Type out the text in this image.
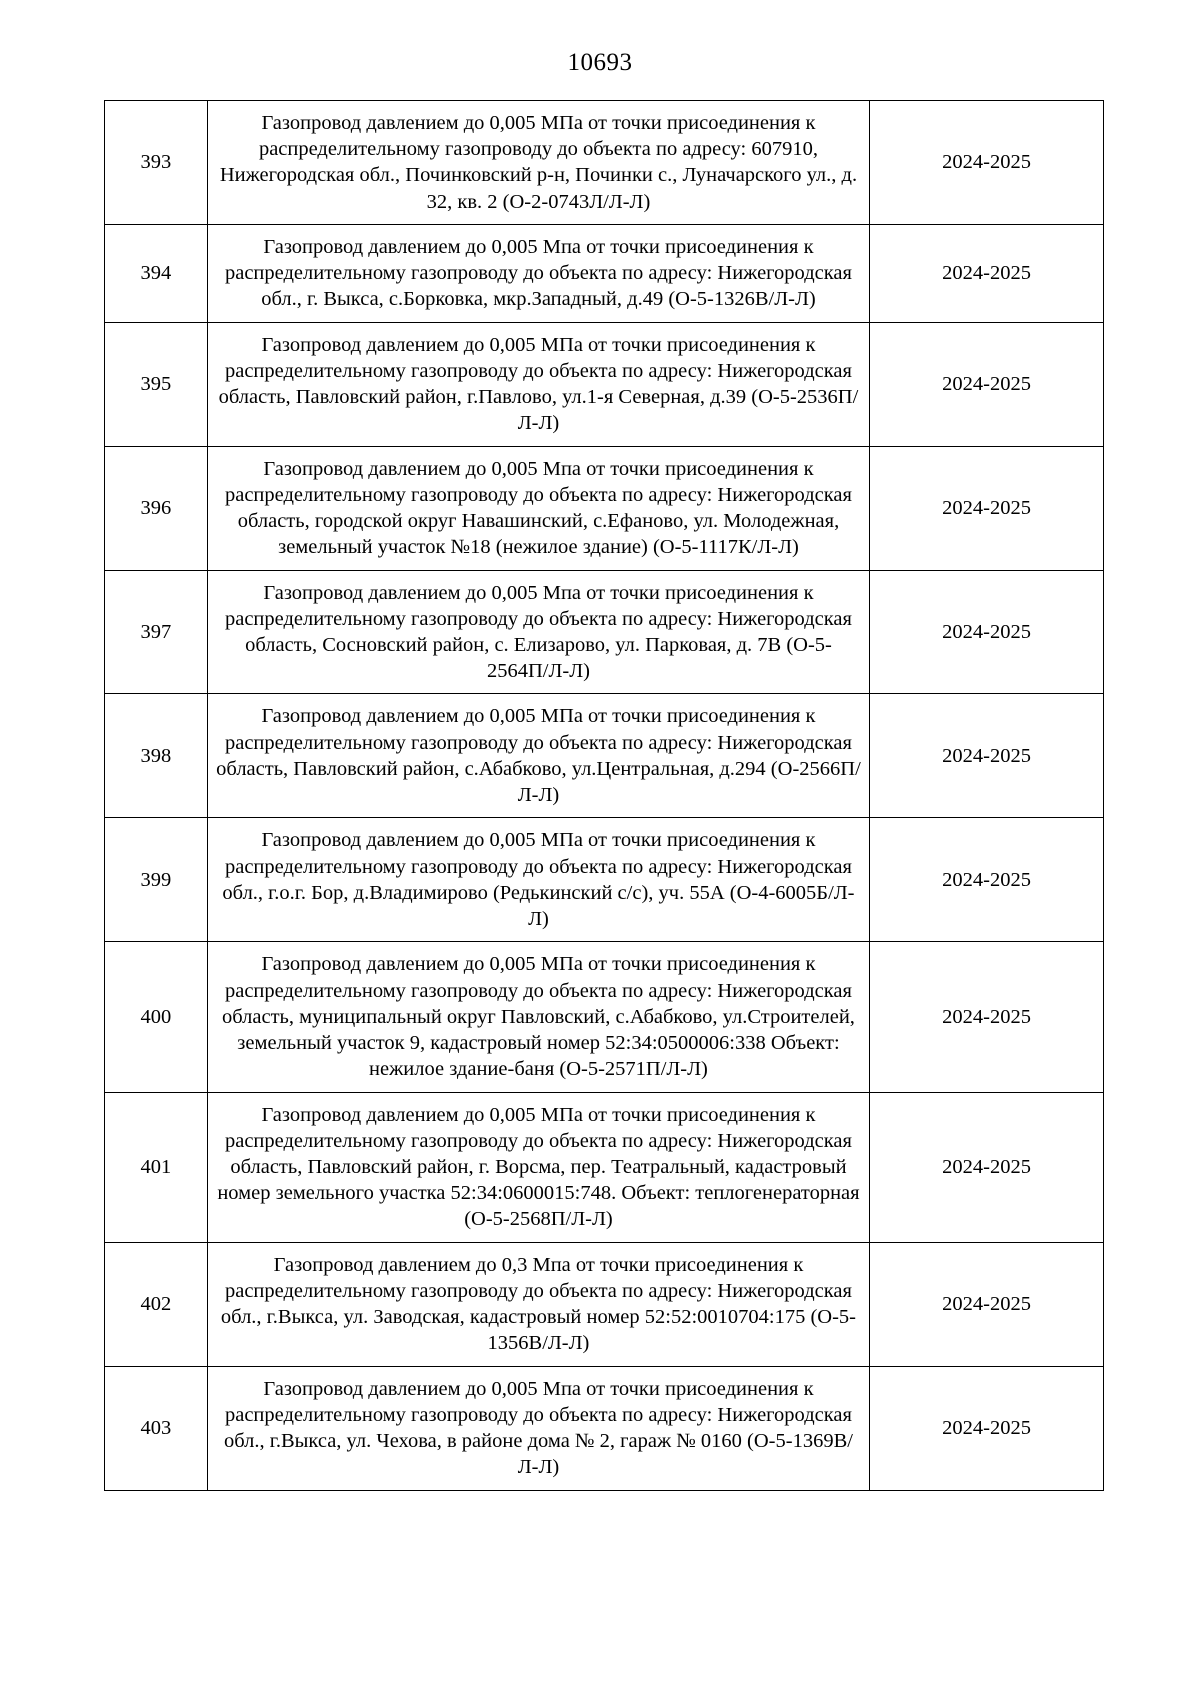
10693
393	Газопровод давлением до 0,005 МПа от точки присоединения к распределительному газопроводу до объекта по адресу: 607910, Нижегородская обл., Починковский р-н, Починки с., Луначарского ул., д. 32, кв. 2 (О-2-0743Л/Л-Л)	2024-2025
394	Газопровод давлением до 0,005 Мпа от точки присоединения к распределительному газопроводу до объекта по адресу: Нижегородская обл., г. Выкса, с.Борковка, мкр.Западный, д.49 (О-5-1326В/Л-Л)	2024-2025
395	Газопровод давлением до 0,005 МПа от точки присоединения к распределительному газопроводу до объекта по адресу: Нижегородская область, Павловский район, г.Павлово, ул.1-я Северная, д.39 (О-5-2536П/Л-Л)	2024-2025
396	Газопровод давлением до 0,005 Мпа от точки присоединения к распределительному газопроводу до объекта по адресу: Нижегородская область, городской округ Навашинский, с.Ефаново, ул. Молодежная, земельный участок №18 (нежилое здание) (О-5-1117К/Л-Л)	2024-2025
397	Газопровод давлением до 0,005 Мпа от точки присоединения к распределительному газопроводу до объекта по адресу: Нижегородская область, Сосновский район, с. Елизарово, ул. Парковая, д. 7В (О-5-2564П/Л-Л)	2024-2025
398	Газопровод давлением до 0,005 МПа от точки присоединения к распределительному газопроводу до объекта по адресу: Нижегородская область, Павловский район, с.Абабково, ул.Центральная, д.294 (О-2566П/Л-Л)	2024-2025
399	Газопровод давлением до 0,005 МПа от точки присоединения к распределительному газопроводу до объекта по адресу: Нижегородская обл., г.о.г. Бор, д.Владимирово (Редькинский с/с), уч. 55А (О-4-6005Б/Л-Л)	2024-2025
400	Газопровод давлением до 0,005 МПа от точки присоединения к распределительному газопроводу до объекта по адресу: Нижегородская область, муниципальный округ Павловский, с.Абабково, ул.Строителей, земельный участок 9, кадастровый номер 52:34:0500006:338 Объект: нежилое здание-баня (О-5-2571П/Л-Л)	2024-2025
401	Газопровод давлением до 0,005 МПа от точки присоединения к распределительному газопроводу до объекта по адресу: Нижегородская область, Павловский район, г. Ворсма, пер. Театральный, кадастровый номер земельного участка 52:34:0600015:748. Объект: теплогенераторная (О-5-2568П/Л-Л)	2024-2025
402	Газопровод давлением до 0,3 Мпа от точки присоединения к распределительному газопроводу до объекта по адресу: Нижегородская обл., г.Выкса, ул. Заводская, кадастровый номер 52:52:0010704:175 (О-5-1356В/Л-Л)	2024-2025
403	Газопровод давлением до 0,005 Мпа от точки присоединения к распределительному газопроводу до объекта по адресу: Нижегородская обл., г.Выкса, ул. Чехова, в районе дома № 2, гараж № 0160 (О-5-1369В/Л-Л)	2024-2025
